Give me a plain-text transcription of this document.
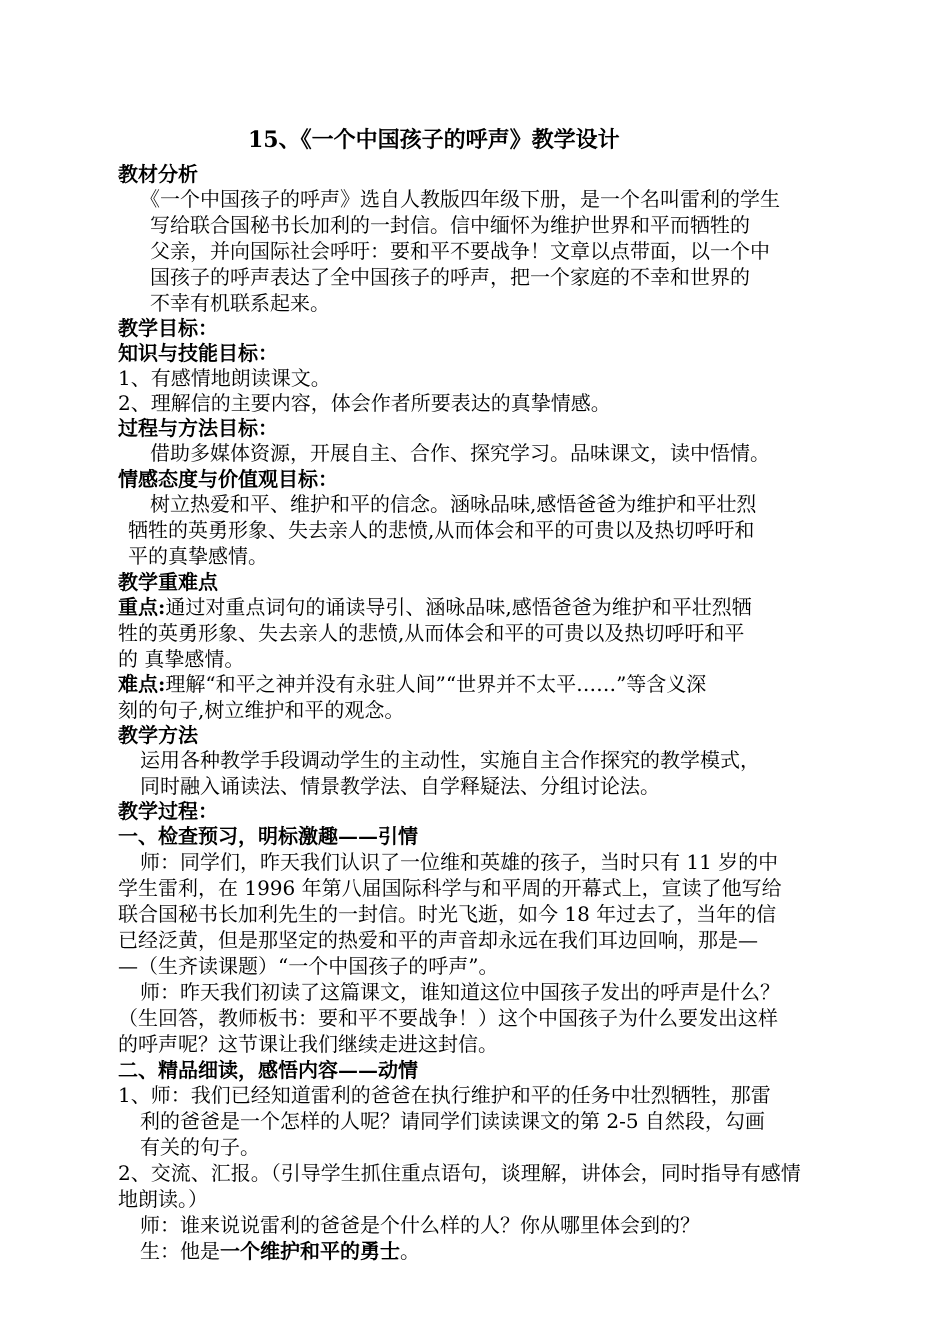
15、《一个中国孩子的呼声》教学设计
教材分析
《一个中国孩子的呼声》选自人教版四年级下册，是一个名叫雷利的学生
写给联合国秘书长加利的一封信。信中缅怀为维护世界和平而牺牲的
父亲，并向国际社会呼吁：要和平不要战争！文章以点带面，以一个中
国孩子的呼声表达了全中国孩子的呼声，把一个家庭的不幸和世界的
不幸有机联系起来。
教学目标：
知识与技能目标：
1、有感情地朗读课文。
2、理解信的主要内容，体会作者所要表达的真挚情感。
过程与方法目标：
借助多媒体资源，开展自主、合作、探究学习。品味课文，读中悟情。
情感态度与价值观目标：
树立热爱和平、维护和平的信念。涵咏品味,感悟爸爸为维护和平壮烈
牺牲的英勇形象、失去亲人的悲愤,从而体会和平的可贵以及热切呼吁和
平的真挚感情。
教学重难点
重点:通过对重点词句的诵读导引、涵咏品味,感悟爸爸为维护和平壮烈牺
牲的英勇形象、失去亲人的悲愤,从而体会和平的可贵以及热切呼吁和平
的 真挚感情。
难点:理解“和平之神并没有永驻人间”“世界并不太平……”等含义深
刻的句子,树立维护和平的观念。
教学方法
运用各种教学手段调动学生的主动性，实施自主合作探究的教学模式，
同时融入诵读法、情景教学法、自学释疑法、分组讨论法。
教学过程：
一、检查预习，明标激趣——引情
师：同学们，昨天我们认识了一位维和英雄的孩子，当时只有 11 岁的中
学生雷利，在 1996 年第八届国际科学与和平周的开幕式上，宣读了他写给
联合国秘书长加利先生的一封信。时光飞逝，如今 18 年过去了，当年的信
已经泛黄，但是那坚定的热爱和平的声音却永远在我们耳边回响，那是—
—（生齐读课题）“一个中国孩子的呼声”。
师：昨天我们初读了这篇课文，谁知道这位中国孩子发出的呼声是什么？
（生回答，教师板书：要和平不要战争！）这个中国孩子为什么要发出这样
的呼声呢？这节课让我们继续走进这封信。
二、精品细读，感悟内容——动情
1、师：我们已经知道雷利的爸爸在执行维护和平的任务中壮烈牺牲，那雷
利的爸爸是一个怎样的人呢？请同学们读读课文的第 2-5 自然段，勾画
有关的句子。
2、交流、汇报。（引导学生抓住重点语句，谈理解，讲体会，同时指导有感情
地朗读。）
师：谁来说说雷利的爸爸是个什么样的人？你从哪里体会到的？
生：他是一个维护和平的勇士。
